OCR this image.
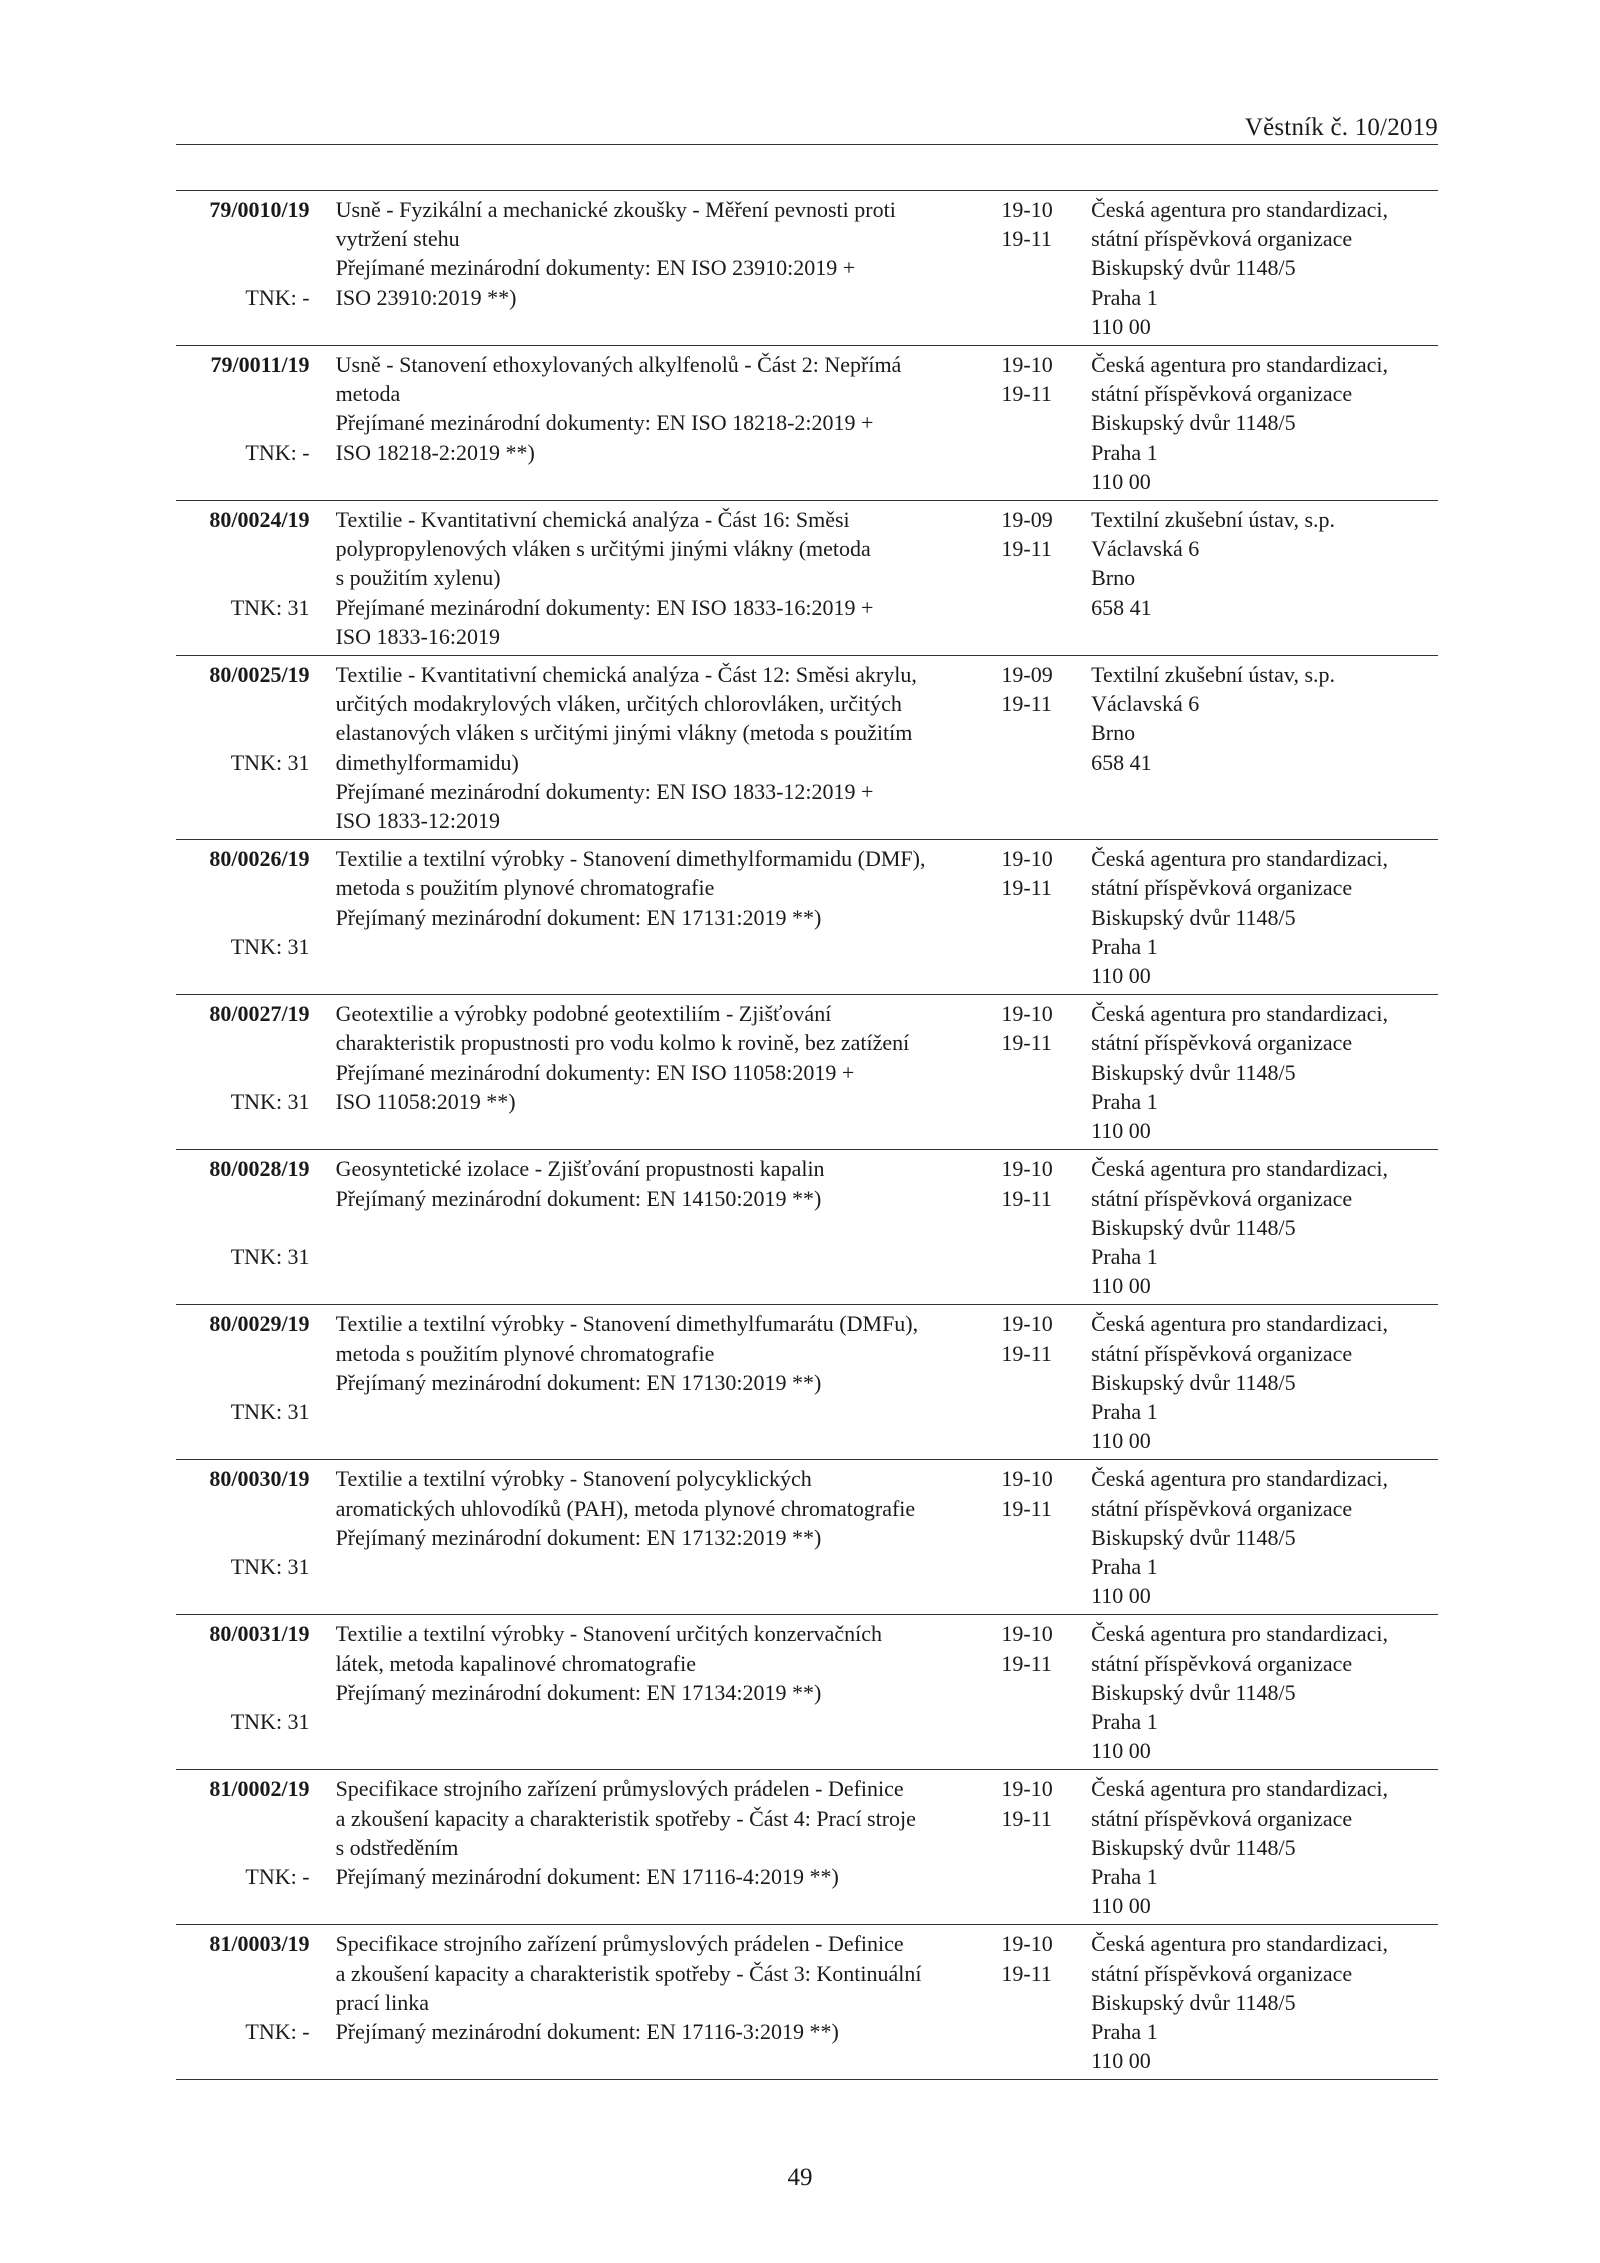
Věstník č. 10/2019
79/0010/19
TNK: -
Usně - Fyzikální a mechanické zkoušky - Měření pevnosti proti
vytržení stehu
Přejímané mezinárodní dokumenty: EN ISO 23910:2019 +
ISO 23910:2019 **)
19-10
19-11
Česká agentura pro standardizaci,
státní příspěvková organizace
Biskupský dvůr 1148/5
Praha 1
110 00
79/0011/19
TNK: -
Usně - Stanovení ethoxylovaných alkylfenolů - Část 2: Nepřímá
metoda
Přejímané mezinárodní dokumenty: EN ISO 18218-2:2019 +
ISO 18218-2:2019 **)
19-10
19-11
Česká agentura pro standardizaci,
státní příspěvková organizace
Biskupský dvůr 1148/5
Praha 1
110 00
80/0024/19
TNK: 31
Textilie - Kvantitativní chemická analýza - Část 16: Směsi
polypropylenových vláken s určitými jinými vlákny (metoda
s použitím xylenu)
Přejímané mezinárodní dokumenty: EN ISO 1833-16:2019 +
ISO 1833-16:2019
19-09
19-11
Textilní zkušební ústav, s.p.
Václavská 6
Brno
658 41
80/0025/19
TNK: 31
Textilie - Kvantitativní chemická analýza - Část 12: Směsi akrylu,
určitých modakrylových vláken, určitých chlorovláken, určitých
elastanových vláken s určitými jinými vlákny (metoda s použitím
dimethylformamidu)
Přejímané mezinárodní dokumenty: EN ISO 1833-12:2019 +
ISO 1833-12:2019
19-09
19-11
Textilní zkušební ústav, s.p.
Václavská 6
Brno
658 41
80/0026/19
TNK: 31
Textilie a textilní výrobky - Stanovení dimethylformamidu (DMF),
metoda s použitím plynové chromatografie
Přejímaný mezinárodní dokument: EN 17131:2019 **)
19-10
19-11
Česká agentura pro standardizaci,
státní příspěvková organizace
Biskupský dvůr 1148/5
Praha 1
110 00
80/0027/19
TNK: 31
Geotextilie a výrobky podobné geotextiliím - Zjišťování
charakteristik propustnosti pro vodu kolmo k rovině, bez zatížení
Přejímané mezinárodní dokumenty: EN ISO 11058:2019 +
ISO 11058:2019 **)
19-10
19-11
Česká agentura pro standardizaci,
státní příspěvková organizace
Biskupský dvůr 1148/5
Praha 1
110 00
80/0028/19
TNK: 31
Geosyntetické izolace - Zjišťování propustnosti kapalin
Přejímaný mezinárodní dokument: EN 14150:2019 **)
19-10
19-11
Česká agentura pro standardizaci,
státní příspěvková organizace
Biskupský dvůr 1148/5
Praha 1
110 00
80/0029/19
TNK: 31
Textilie a textilní výrobky - Stanovení dimethylfumarátu (DMFu),
metoda s použitím plynové chromatografie
Přejímaný mezinárodní dokument: EN 17130:2019 **)
19-10
19-11
Česká agentura pro standardizaci,
státní příspěvková organizace
Biskupský dvůr 1148/5
Praha 1
110 00
80/0030/19
TNK: 31
Textilie a textilní výrobky - Stanovení polycyklických
aromatických uhlovodíků (PAH), metoda plynové chromatografie
Přejímaný mezinárodní dokument: EN 17132:2019 **)
19-10
19-11
Česká agentura pro standardizaci,
státní příspěvková organizace
Biskupský dvůr 1148/5
Praha 1
110 00
80/0031/19
TNK: 31
Textilie a textilní výrobky - Stanovení určitých konzervačních
látek, metoda kapalinové chromatografie
Přejímaný mezinárodní dokument: EN 17134:2019 **)
19-10
19-11
Česká agentura pro standardizaci,
státní příspěvková organizace
Biskupský dvůr 1148/5
Praha 1
110 00
81/0002/19
TNK: -
Specifikace strojního zařízení průmyslových prádelen - Definice
a zkoušení kapacity a charakteristik spotřeby - Část 4: Prací stroje
s odstředěním
Přejímaný mezinárodní dokument: EN 17116-4:2019 **)
19-10
19-11
Česká agentura pro standardizaci,
státní příspěvková organizace
Biskupský dvůr 1148/5
Praha 1
110 00
81/0003/19
TNK: -
Specifikace strojního zařízení průmyslových prádelen - Definice
a zkoušení kapacity a charakteristik spotřeby - Část 3: Kontinuální
prací linka
Přejímaný mezinárodní dokument: EN 17116-3:2019 **)
19-10
19-11
Česká agentura pro standardizaci,
státní příspěvková organizace
Biskupský dvůr 1148/5
Praha 1
110 00
49
